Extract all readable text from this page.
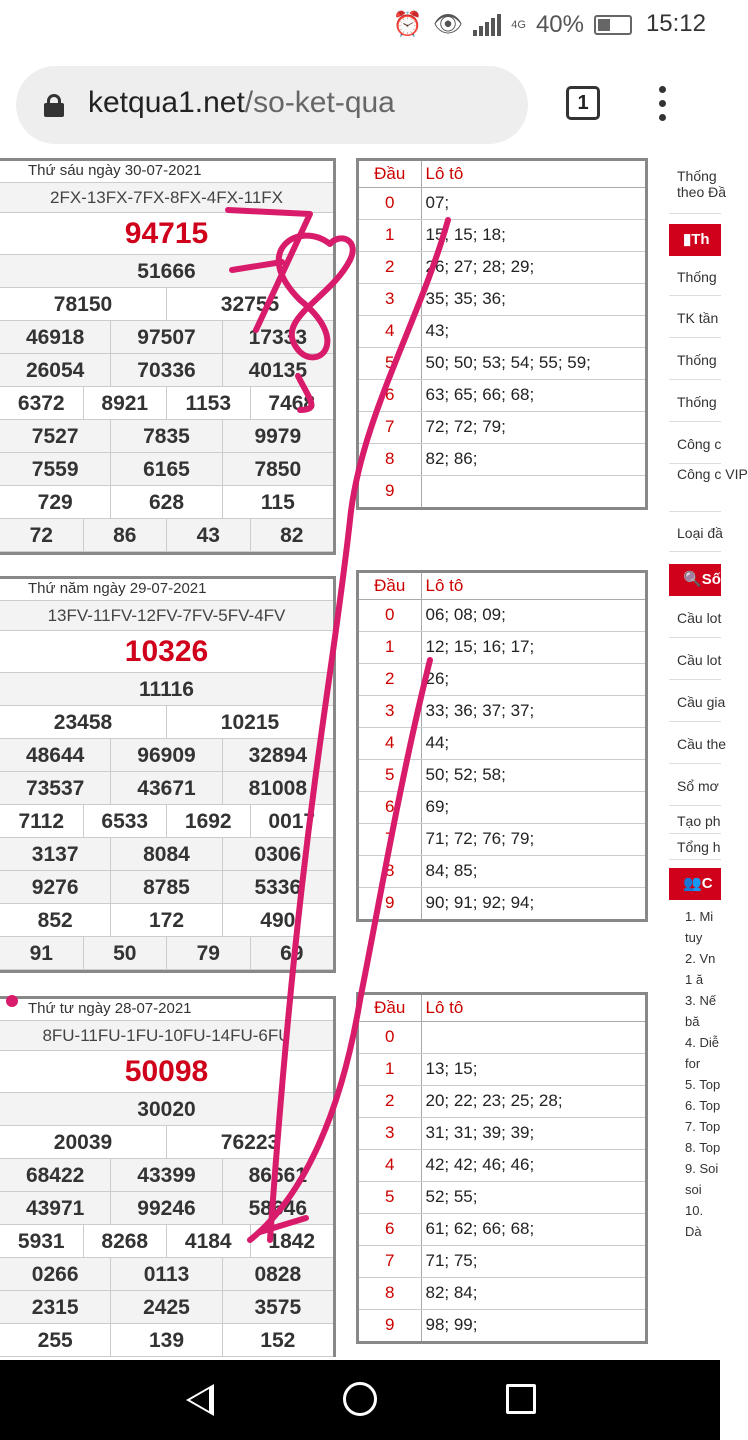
⏰ 👁	4G 40%	15:12
ketqua1.net/so-ket-qua	1
Thứ sáu ngày 30-07-2021
2FX-13FX-7FX-8FX-4FX-11FX
94715
51666
78150	32755
46918	97507	17333
26054	70336	40135
6372	8921	1153	7468
7527	7835	9979
7559	6165	7850
729	628	115
72	86	43	82
Đầu	Lô tô
0	07;
1	15; 15; 18;
2	26; 27; 28; 29;
3	35; 35; 36;
4	43;
5	50; 50; 53; 54; 55; 59;
6	63; 65; 66; 68;
7	72; 72; 79;
8	82; 86;
9	
Thứ năm ngày 29-07-2021
13FV-11FV-12FV-7FV-5FV-4FV
10326
11116
23458	10215
48644	96909	32894
73537	43671	81008
7112	6533	1692	0017
3137	8084	0306
9276	8785	5336
852	172	490
91	50	79	69
Đầu	Lô tô
0	06; 08; 09;
1	12; 15; 16; 17;
2	26;
3	33; 36; 37; 37;
4	44;
5	50; 52; 58;
6	69;
7	71; 72; 76; 79;
8	84; 85;
9	90; 91; 92; 94;
Thứ tư ngày 28-07-2021
8FU-11FU-1FU-10FU-14FU-6FU
50098
30020
20039	76223
68422	43399	86661
43971	99246	58646
5931	8268	4184	1842
0266	0113	0828
2315	2425	3575
255	139	152
Đầu	Lô tô
0	
1	13; 15;
2	20; 22; 23; 25; 28;
3	31; 31; 39; 39;
4	42; 42; 46; 46;
5	52; 55;
6	61; 62; 66; 68;
7	71; 75;
8	82; 84;
9	98; 99;
Thống
theo Đầ
▮Th
Thống
TK tần
Thống
Thống
Công c
Công c VIP
Loại đầ
🔍Số
Cầu lot
Cầu lot
Cầu gia
Cầu the
Sổ mơ
Tạo ph
Tổng h
👥C
1. Mi tuy
2. Vn 1 ă
3. Nế bă
4. Diễ for
5. Top
6. Top
7. Top
8. Top
9. Soi soi
10. Dà
